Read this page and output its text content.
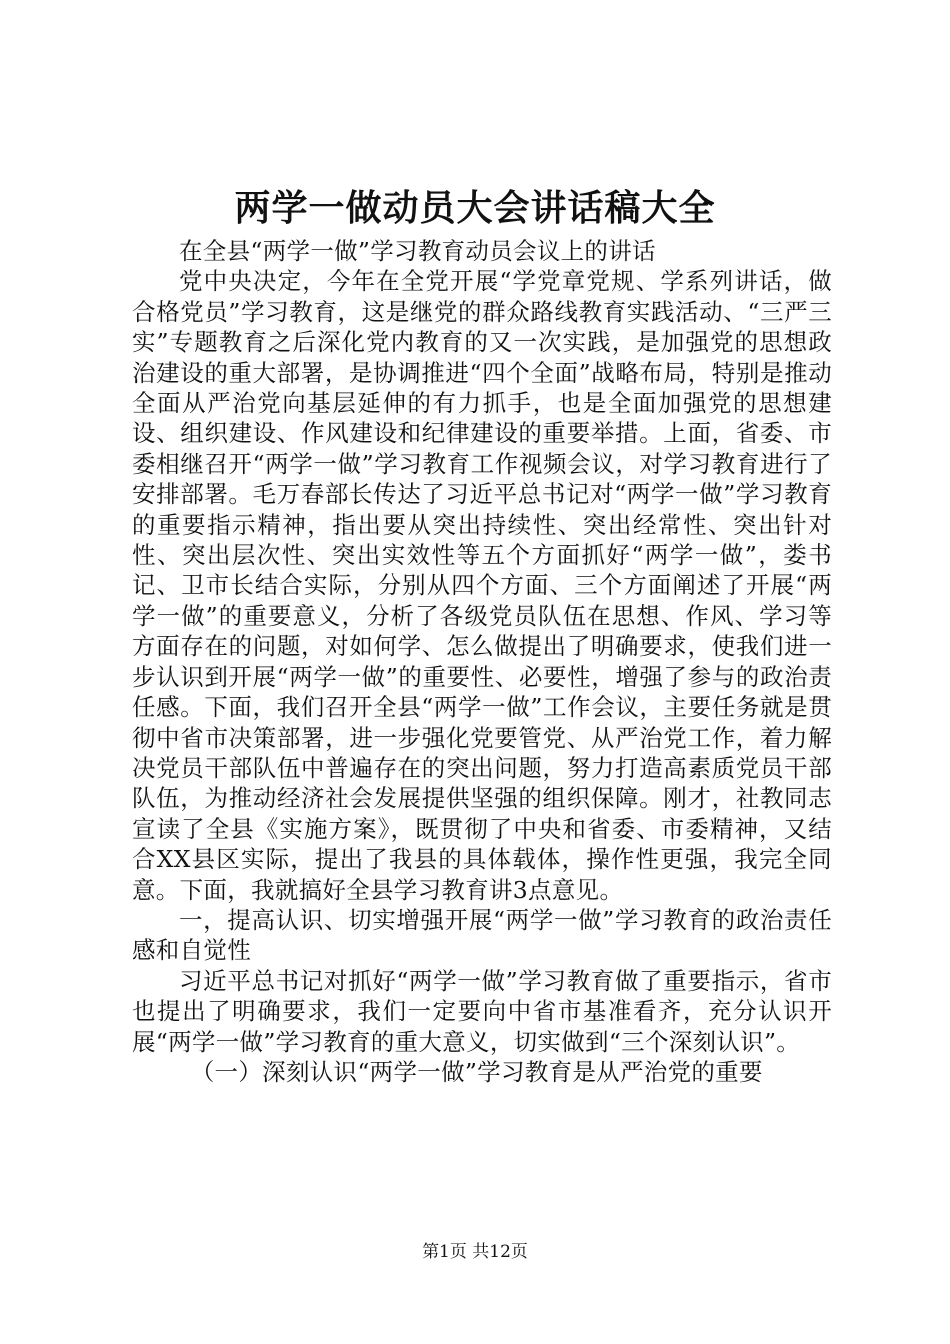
两学一做动员大会讲话稿大全

在全县“两学一做”学习教育动员会议上的讲话

党中央决定，今年在全党开展“学党章党规、学系列讲话，做合格党员”学习教育，这是继党的群众路线教育实践活动、“三严三实”专题教育之后深化党内教育的又一次实践，是加强党的思想政治建设的重大部署，是协调推进“四个全面”战略布局，特别是推动全面从严治党向基层延伸的有力抓手，也是全面加强党的思想建设、组织建设、作风建设和纪律建设的重要举措。上面，省委、市委相继召开“两学一做”学习教育工作视频会议，对学习教育进行了安排部署。毛万春部长传达了习近平总书记对“两学一做”学习教育的重要指示精神，指出要从突出持续性、突出经常性、突出针对性、突出层次性、突出实效性等五个方面抓好“两学一做”，娄书记、卫市长结合实际，分别从四个方面、三个方面阐述了开展“两学一做”的重要意义，分析了各级党员队伍在思想、作风、学习等方面存在的问题，对如何学、怎么做提出了明确要求，使我们进一步认识到开展“两学一做”的重要性、必要性，增强了参与的政治责任感。下面，我们召开全县“两学一做”工作会议，主要任务就是贯彻中省市决策部署，进一步强化党要管党、从严治党工作，着力解决党员干部队伍中普遍存在的突出问题，努力打造高素质党员干部队伍，为推动经济社会发展提供坚强的组织保障。刚才，社教同志宣读了全县《实施方案》，既贯彻了中央和省委、市委精神，又结合XX县区实际，提出了我县的具体载体，操作性更强，我完全同意。下面，我就搞好全县学习教育讲3点意见。

一，提高认识、切实增强开展“两学一做”学习教育的政治责任感和自觉性

习近平总书记对抓好“两学一做”学习教育做了重要指示，省市也提出了明确要求，我们一定要向中省市基准看齐，充分认识开展“两学一做”学习教育的重大意义，切实做到“三个深刻认识”。

（一）深刻认识“两学一做”学习教育是从严治党的重要

第1页 共12页
